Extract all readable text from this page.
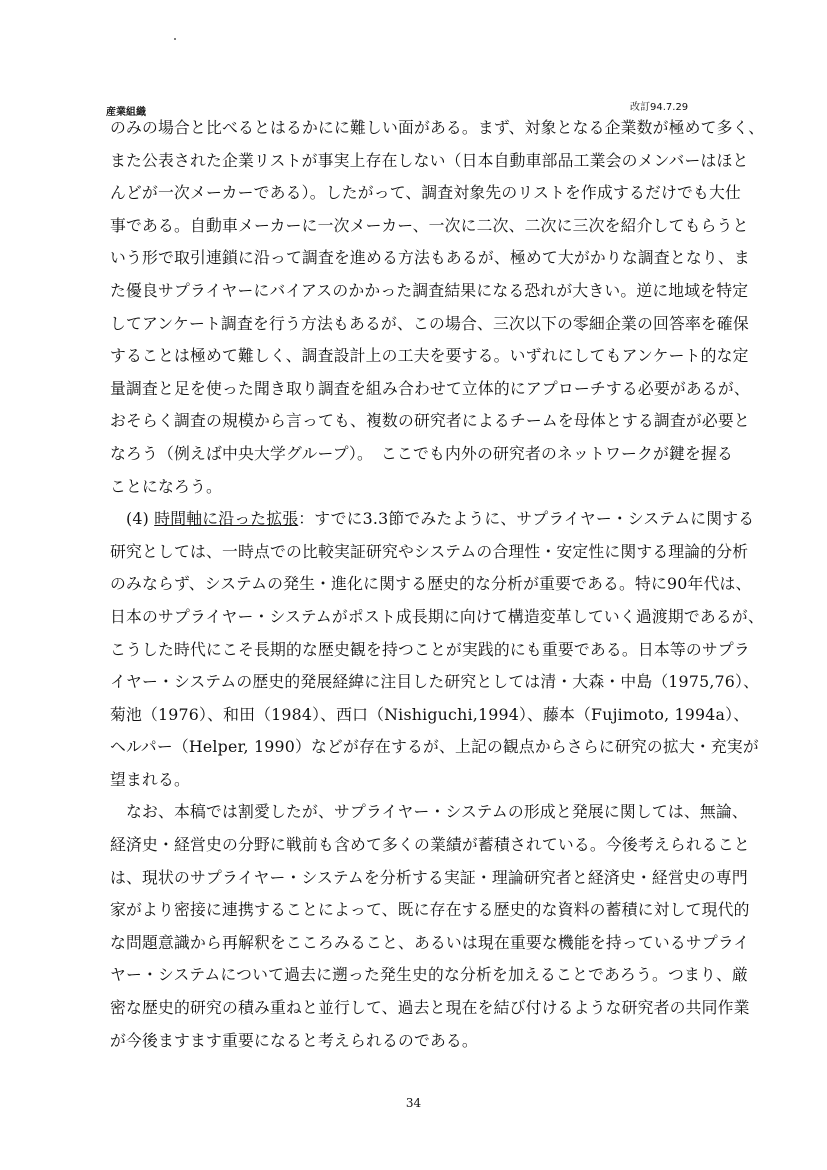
産業組織	改訂94.7.29
のみの場合と比べるとはるかにに難しい面がある。まず、対象となる企業数が極めて多く、
また公表された企業リストが事実上存在しない（日本自動車部品工業会のメンバーはほと
んどが一次メーカーである）。したがって、調査対象先のリストを作成するだけでも大仕
事である。自動車メーカーに一次メーカー、一次に二次、二次に三次を紹介してもらうと
いう形で取引連鎖に沿って調査を進める方法もあるが、極めて大がかりな調査となり、ま
た優良サプライヤーにバイアスのかかった調査結果になる恐れが大きい。逆に地域を特定
してアンケート調査を行う方法もあるが、この場合、三次以下の零細企業の回答率を確保
することは極めて難しく、調査設計上の工夫を要する。いずれにしてもアンケート的な定
量調査と足を使った聞き取り調査を組み合わせて立体的にアプローチする必要があるが、
おそらく調査の規模から言っても、複数の研究者によるチームを母体とする調査が必要と
なろう（例えば中央大学グループ）。　ここでも内外の研究者のネットワークが鍵を握る
ことになろう。
(4) 時間軸に沿った拡張：すでに3.3節でみたように、サプライヤー・システムに関する
研究としては、一時点での比較実証研究やシステムの合理性・安定性に関する理論的分析
のみならず、システムの発生・進化に関する歴史的な分析が重要である。特に90年代は、
日本のサプライヤー・システムがポスト成長期に向けて構造変革していく過渡期であるが、
こうした時代にこそ長期的な歴史観を持つことが実践的にも重要である。日本等のサプラ
イヤー・システムの歴史的発展経緯に注目した研究としては清・大森・中島（1975,76）、
菊池（1976）、和田（1984）、西口（Nishiguchi,1994）、藤本（Fujimoto, 1994a）、
ヘルパー（Helper, 1990）などが存在するが、上記の観点からさらに研究の拡大・充実が
望まれる。
なお、本稿では割愛したが、サプライヤー・システムの形成と発展に関しては、無論、
経済史・経営史の分野に戦前も含めて多くの業績が蓄積されている。今後考えられること
は、現状のサプライヤー・システムを分析する実証・理論研究者と経済史・経営史の専門
家がより密接に連携することによって、既に存在する歴史的な資料の蓄積に対して現代的
な問題意識から再解釈をこころみること、あるいは現在重要な機能を持っているサプライ
ヤー・システムについて過去に遡った発生史的な分析を加えることであろう。つまり、厳
密な歴史的研究の積み重ねと並行して、過去と現在を結び付けるような研究者の共同作業
が今後ますます重要になると考えられるのである。
34
